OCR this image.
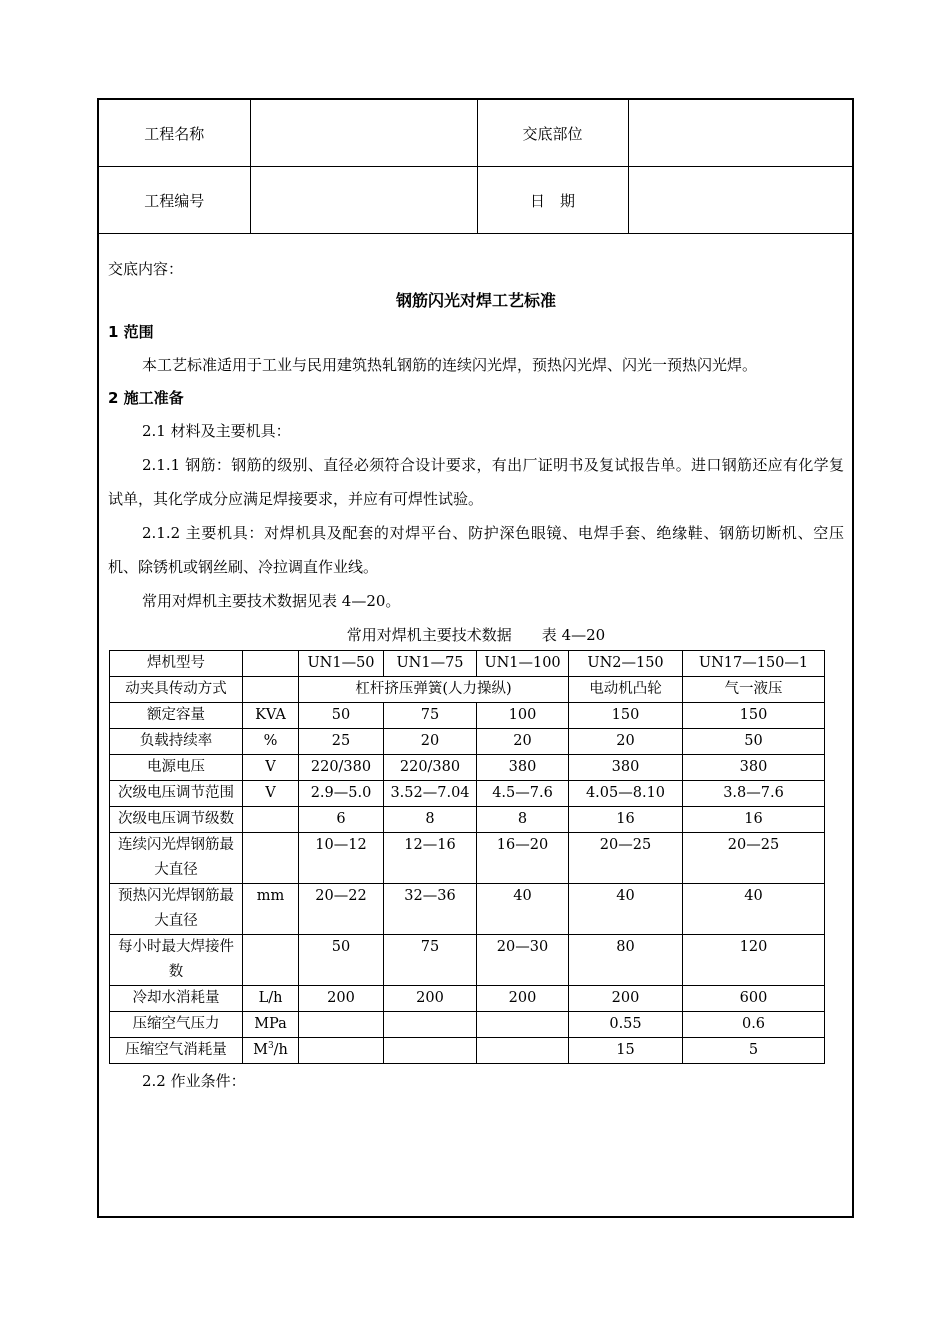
工程名称		交底部位	
工程编号		日　期	

交底内容：

钢筋闪光对焊工艺标准

1 范围

本工艺标准适用于工业与民用建筑热轧钢筋的连续闪光焊，预热闪光焊、闪光一预热闪光焊。

2 施工准备

2.1 材料及主要机具：

2.1.1 钢筋：钢筋的级别、直径必须符合设计要求，有出厂证明书及复试报告单。进口钢筋还应有化学复试单，其化学成分应满足焊接要求，并应有可焊性试验。

2.1.2 主要机具：对焊机具及配套的对焊平台、防护深色眼镜、电焊手套、绝缘鞋、钢筋切断机、空压机、除锈机或钢丝刷、冷拉调直作业线。

常用对焊机主要技术数据见表 4—20。

常用对焊机主要技术数据　　表 4—20

焊机型号		UN1—50	UN1—75	UN1—100	UN2—150	UN17—150—1
动夹具传动方式		杠杆挤压弹簧(人力操纵)			电动机凸轮	气一液压
额定容量	KVA	50	75	100	150	150
负载持续率	%	25	20	20	20	50
电源电压	V	220/380	220/380	380	380	380
次级电压调节范围	V	2.9—5.0	3.52—7.04	4.5—7.6	4.05—8.10	3.8—7.6
次级电压调节级数		6	8	8	16	16
连续闪光焊钢筋最大直径		10—12	12—16	16—20	20—25	20—25
预热闪光焊钢筋最大直径	mm	20—22	32—36	40	40	40
每小时最大焊接件数		50	75	20—30	80	120
冷却水消耗量	L/h	200	200	200	200	600
压缩空气压力	MPa				0.55	0.6
压缩空气消耗量	$M^3/h$				15	5

2.2 作业条件：
